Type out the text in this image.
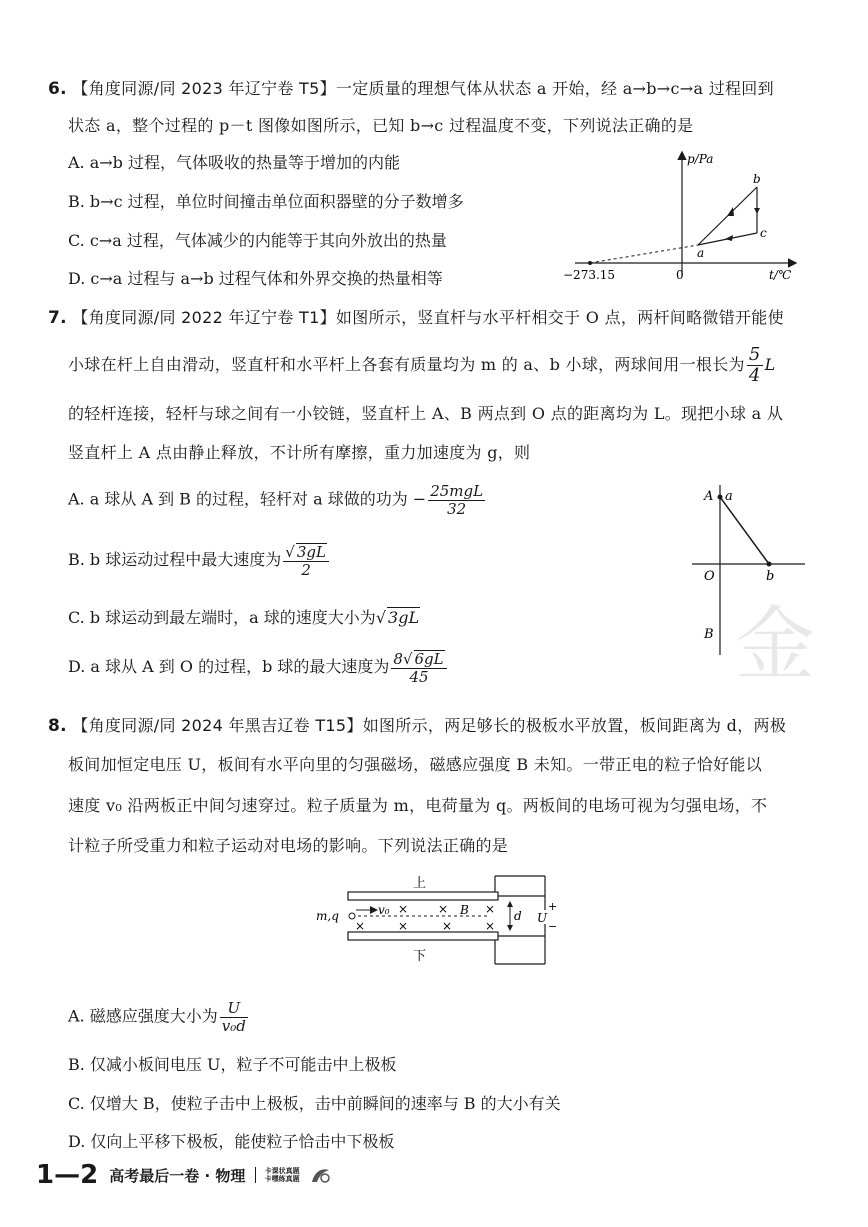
6. 【角度同源/同 2023 年辽宁卷 T5】一定质量的理想气体从状态 a 开始，经 a→b→c→a 过程回到
状态 a，整个过程的 p－t 图像如图所示，已知 b→c 过程温度不变，下列说法正确的是
A. a→b 过程，气体吸收的热量等于增加的内能
B. b→c 过程，单位时间撞击单位面积器壁的分子数增多
C. c→a 过程，气体减少的内能等于其向外放出的热量
D. c→a 过程与 a→b 过程气体和外界交换的热量相等
p/Pa
t/℃
−273.15	0
a
b
c
7. 【角度同源/同 2022 年辽宁卷 T1】如图所示，竖直杆与水平杆相交于 O 点，两杆间略微错开能使
小球在杆上自由滑动，竖直杆和水平杆上各套有质量均为 m 的 a、b 小球，两球间用一根长为 $\frac{5}{4}$ L
的轻杆连接，轻杆与球之间有一小铰链，竖直杆上 A、B 两点到 O 点的距离均为 L。现把小球 a 从
竖直杆上 A 点由静止释放，不计所有摩擦，重力加速度为 g，则
A. a 球从 A 到 B 的过程，轻杆对 a 球做的功为 − $\frac{\text{25mgL}}{32}$
B. b 球运动过程中最大速度为 $\frac{√ 3gL}{2}$
C. b 球运动到最左端时，a 球的速度大小为√ 3gL
D. a 球从 A 到 O 的过程，b 球的最大速度为 $\frac{8√ 6gL}{45}$
A a
O	b
B 金
8. 【角度同源/同 2024 年黑吉辽卷 T15】如图所示，两足够长的极板水平放置，板间距离为 d，两极
板间加恒定电压 U，板间有水平向里的匀强磁场，磁感应强度 B 未知。一带正电的粒子恰好能以
速度 v₀ 沿两板正中间匀速穿过。粒子质量为 m，电荷量为 q。两板间的电场可视为匀强电场，不
计粒子所受重力和粒子运动对电场的影响。下列说法正确的是
× ×	×
×	×	×	×
上
下
m,q	v₀	B	d U
+
−
A. 磁感应强度大小为 $\frac{U}{\text{v₀d}}$
B. 仅减小板间电压 U，粒子不可能击中上极板
C. 仅增大 B，使粒子击中上极板，击中前瞬间的速率与 B 的大小有关
D. 仅向上平移下极板，能使粒子恰击中下极板
1—2 高考最后一卷 · 物理	卡课状真题
卡嘿练真题
